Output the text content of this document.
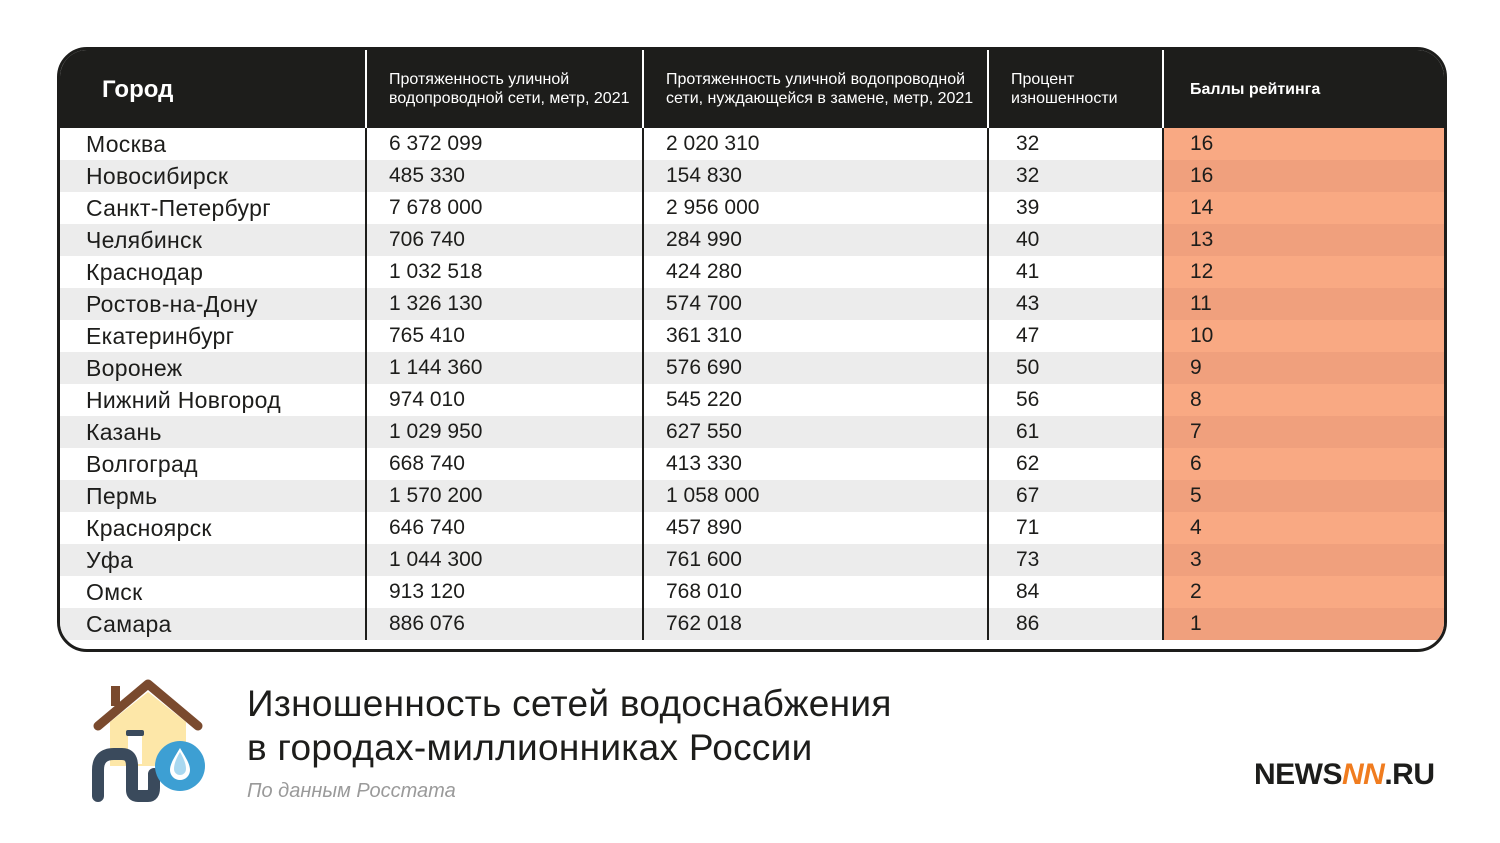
Город	Протяженность уличной водопроводной сети, метр, 2021	Протяженность уличной водопроводной сети, нуждающейся в замене, метр, 2021	Процент изношенности	Баллы рейтинга
Москва	6 372 099	2 020 310	32	16
Новосибирск	485 330	154 830	32	16
Санкт-Петербург	7 678 000	2 956 000	39	14
Челябинск	706 740	284 990	40	13
Краснодар	1 032 518	424 280	41	12
Ростов-на-Дону	1 326 130	574 700	43	11
Екатеринбург	765 410	361 310	47	10
Воронеж	1 144 360	576 690	50	9
Нижний Новгород	974 010	545 220	56	8
Казань	1 029 950	627 550	61	7
Волгоград	668 740	413 330	62	6
Пермь	1 570 200	1 058 000	67	5
Красноярск	646 740	457 890	71	4
Уфа	1 044 300	761 600	73	3
Омск	913 120	768 010	84	2
Самара	886 076	762 018	86	1
Изношенность сетей водоснабжения
в городах-миллионниках России
По данным Росстата	NEWSNN.RU
